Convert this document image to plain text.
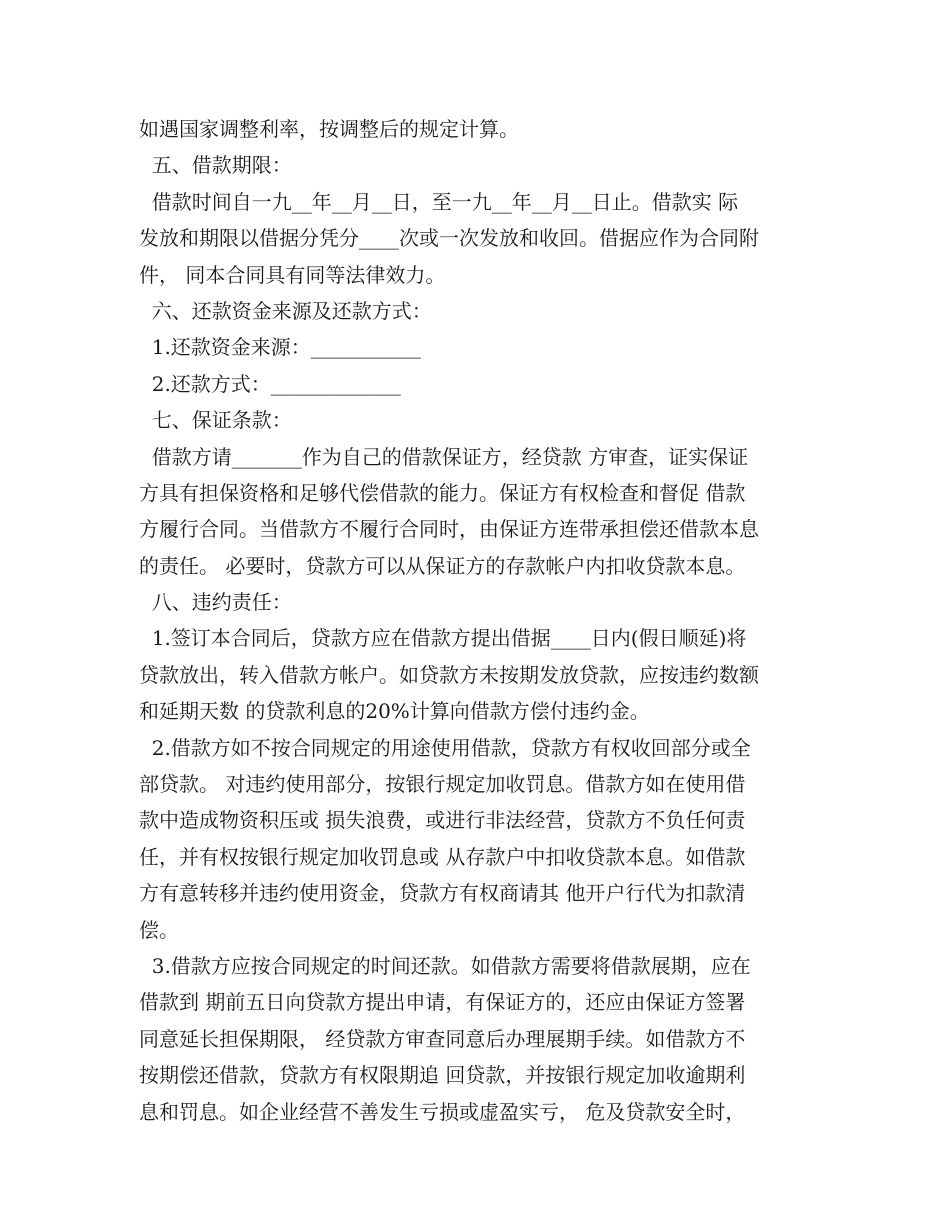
如遇国家调整利率，按调整后的规定计算。
五、借款期限：
借款时间自一九__年__月__日，至一九__年__月__日止。借款实 际
发放和期限以借据分凭分____次或一次发放和收回。借据应作为合同附
件， 同本合同具有同等法律效力。
六、还款资金来源及还款方式：
1.还款资金来源：___________
2.还款方式：_____________
七、保证条款：
借款方请_______作为自己的借款保证方，经贷款 方审查，证实保证
方具有担保资格和足够代偿借款的能力。保证方有权检查和督促 借款
方履行合同。当借款方不履行合同时，由保证方连带承担偿还借款本息
的责任。 必要时，贷款方可以从保证方的存款帐户内扣收贷款本息。
八、违约责任：
1.签订本合同后，贷款方应在借款方提出借据____日内(假日顺延)将
贷款放出，转入借款方帐户。如贷款方未按期发放贷款，应按违约数额
和延期天数 的贷款利息的20%计算向借款方偿付违约金。
2.借款方如不按合同规定的用途使用借款，贷款方有权收回部分或全
部贷款。 对违约使用部分，按银行规定加收罚息。借款方如在使用借
款中造成物资积压或 损失浪费，或进行非法经营，贷款方不负任何责
任，并有权按银行规定加收罚息或 从存款户中扣收贷款本息。如借款
方有意转移并违约使用资金，贷款方有权商请其 他开户行代为扣款清
偿。
3.借款方应按合同规定的时间还款。如借款方需要将借款展期，应在
借款到 期前五日向贷款方提出申请，有保证方的，还应由保证方签署
同意延长担保期限， 经贷款方审查同意后办理展期手续。如借款方不
按期偿还借款，贷款方有权限期追 回贷款，并按银行规定加收逾期利
息和罚息。如企业经营不善发生亏损或虚盈实亏， 危及贷款安全时，
